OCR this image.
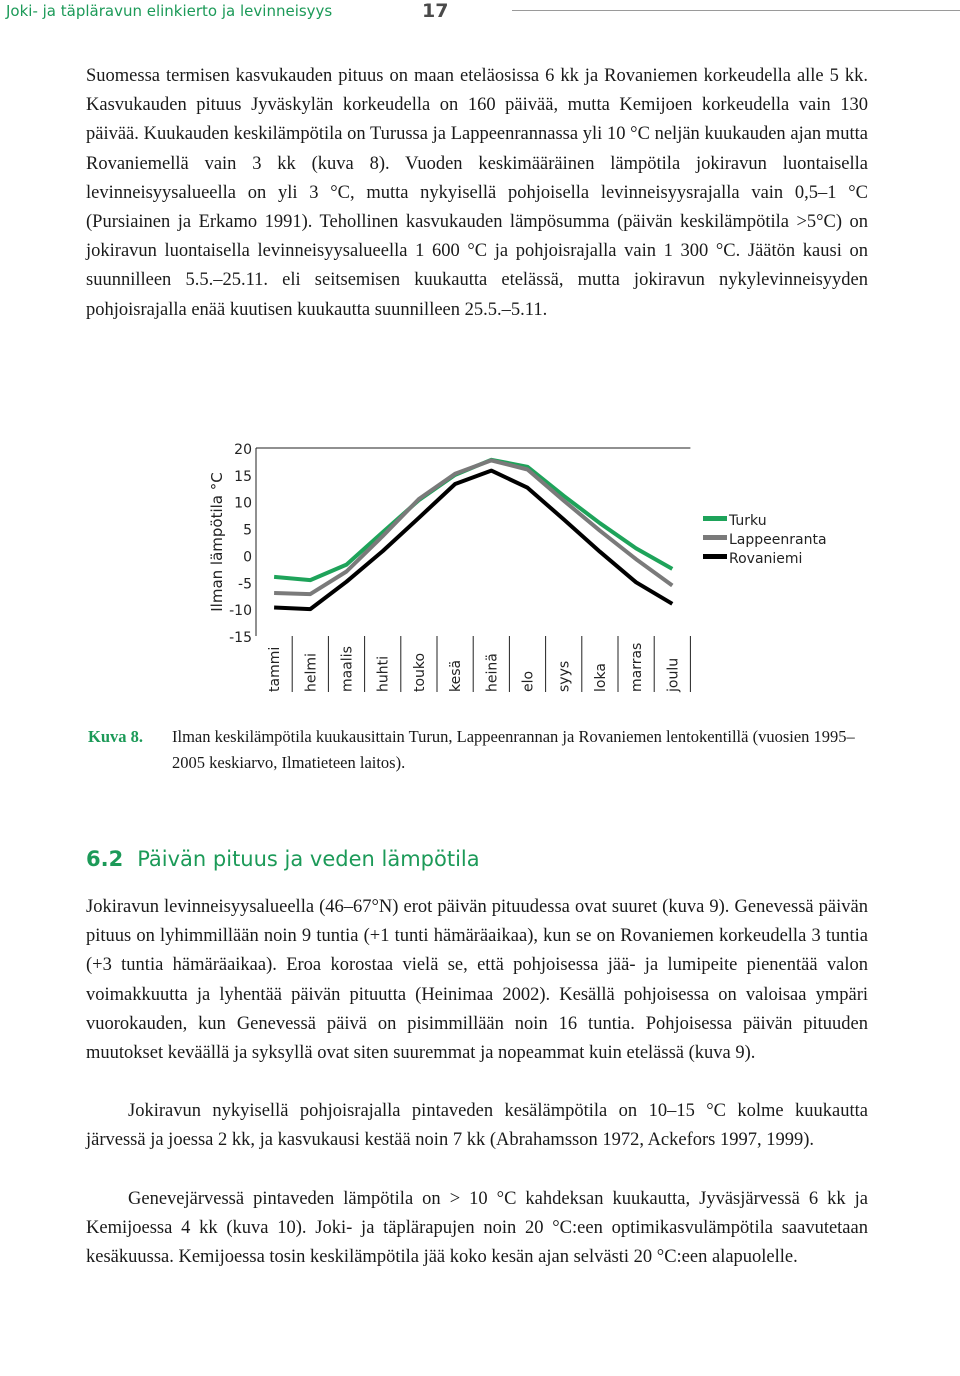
Joki- ja täpläravun elinkierto ja levinneisyys	17

Suomessa termisen kasvukauden pituus on maan eteläosissa 6 kk ja Rovaniemen korkeudella alle 5 kk. Kasvukauden pituus Jyväskylän korkeudella on 160 päivää, mutta Kemijoen korkeudella vain 130 päivää. Kuukauden keskilämpötila on Turussa ja Lappeenrannassa yli 10 °C neljän kuukauden ajan mutta Rovaniemellä vain 3 kk (kuva 8). Vuoden keskimääräinen lämpötila jokiravun luontaisella levinneisyysalueella on yli 3 °C, mutta nykyisellä pohjoisella levinneisyysrajalla vain 0,5–1 °C (Pursiainen ja Erkamo 1991). Tehollinen kasvukauden lämpösumma (päivän keskilämpötila >5°C) on jokiravun luontaisella levinneisyysalueella 1 600 °C ja pohjoisrajalla vain 1 300 °C. Jäätön kausi on suunnilleen 5.5.–25.11. eli seitsemisen kuukautta etelässä, mutta jokiravun nykylevinneisyyden pohjoisrajalla enää kuutisen kuukautta suunnilleen 25.5.–5.11.

20
15
10
5
0
-5
-10
-15
Ilman lämpötila °C
tammi helmi maalis huhti touko kesä heinä elo syys loka marras joulu
Turku
Lappeenranta
Rovaniemi
Kuva 8. Ilman keskilämpötila kuukausittain Turun, Lappeenrannan ja Rovaniemen lentokentillä (vuosien 1995–2005 keskiarvo, Ilmatieteen laitos).
6.2 Päivän pituus ja veden lämpötila

Jokiravun levinneisyysalueella (46–67°N) erot päivän pituudessa ovat suuret (kuva 9). Genevessä päivän pituus on lyhimmillään noin 9 tuntia (+1 tunti hämäräaikaa), kun se on Rovaniemen korkeudella 3 tuntia (+3 tuntia hämäräaikaa). Eroa korostaa vielä se, että pohjoisessa jää- ja lumipeite pienentää valon voimakkuutta ja lyhentää päivän pituutta (Heinimaa 2002). Kesällä pohjoisessa on valoisaa ympäri vuorokauden, kun Genevessä päivä on pisimmillään noin 16 tuntia. Pohjoisessa päivän pituuden muutokset keväällä ja syksyllä ovat siten suuremmat ja nopeammat kuin etelässä (kuva 9).

Jokiravun nykyisellä pohjoisrajalla pintaveden kesälämpötila on 10–15 °C kolme kuukautta järvessä ja joessa 2 kk, ja kasvukausi kestää noin 7 kk (Abrahamsson 1972, Ackefors 1997, 1999).

Genevejärvessä pintaveden lämpötila on > 10 °C kahdeksan kuukautta, Jyväsjärvessä 6 kk ja Kemijoessa 4 kk (kuva 10). Joki- ja täplärapujen noin 20 °C:een optimikasvulämpötila saavutetaan kesäkuussa. Kemijoessa tosin keskilämpötila jää koko kesän ajan selvästi 20 °C:een alapuolelle.
